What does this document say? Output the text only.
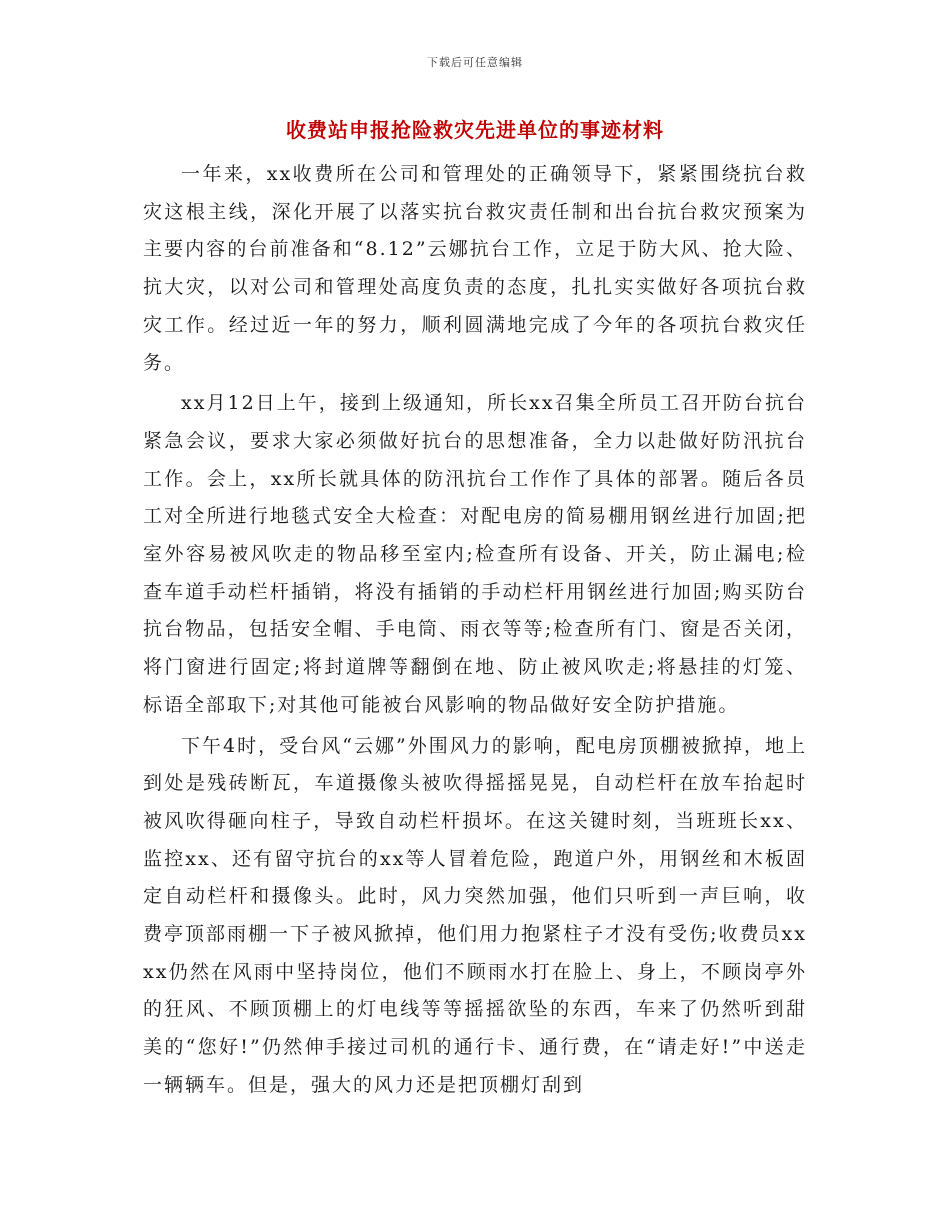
下载后可任意编辑
收费站申报抢险救灾先进单位的事迹材料

一年来，xx收费所在公司和管理处的正确领导下，紧紧围绕抗台救灾这根主线，深化开展了以落实抗台救灾责任制和出台抗台救灾预案为主要内容的台前准备和“8.12”云娜抗台工作，立足于防大风、抢大险、抗大灾，以对公司和管理处高度负责的态度，扎扎实实做好各项抗台救灾工作。经过近一年的努力，顺利圆满地完成了今年的各项抗台救灾任务。

xx月12日上午，接到上级通知，所长xx召集全所员工召开防台抗台紧急会议，要求大家必须做好抗台的思想准备，全力以赴做好防汛抗台工作。会上，xx所长就具体的防汛抗台工作作了具体的部署。随后各员工对全所进行地毯式安全大检查：对配电房的简易棚用钢丝进行加固;把室外容易被风吹走的物品移至室内;检查所有设备、开关，防止漏电;检查车道手动栏杆插销，将没有插销的手动栏杆用钢丝进行加固;购买防台抗台物品，包括安全帽、手电筒、雨衣等等;检查所有门、窗是否关闭，将门窗进行固定;将封道牌等翻倒在地、防止被风吹走;将悬挂的灯笼、标语全部取下;对其他可能被台风影响的物品做好安全防护措施。

下午4时，受台风“云娜”外围风力的影响，配电房顶棚被掀掉，地上到处是残砖断瓦，车道摄像头被吹得摇摇晃晃，自动栏杆在放车抬起时被风吹得砸向柱子，导致自动栏杆损坏。在这关键时刻，当班班长xx、监控xx、还有留守抗台的xx等人冒着危险，跑道户外，用钢丝和木板固定自动栏杆和摄像头。此时，风力突然加强，他们只听到一声巨响，收费亭顶部雨棚一下子被风掀掉，他们用力抱紧柱子才没有受伤;收费员xxxx仍然在风雨中坚持岗位，他们不顾雨水打在脸上、身上，不顾岗亭外的狂风、不顾顶棚上的灯电线等等摇摇欲坠的东西，车来了仍然听到甜美的“您好!”仍然伸手接过司机的通行卡、通行费，在“请走好!”中送走一辆辆车。但是，强大的风力还是把顶棚灯刮到
